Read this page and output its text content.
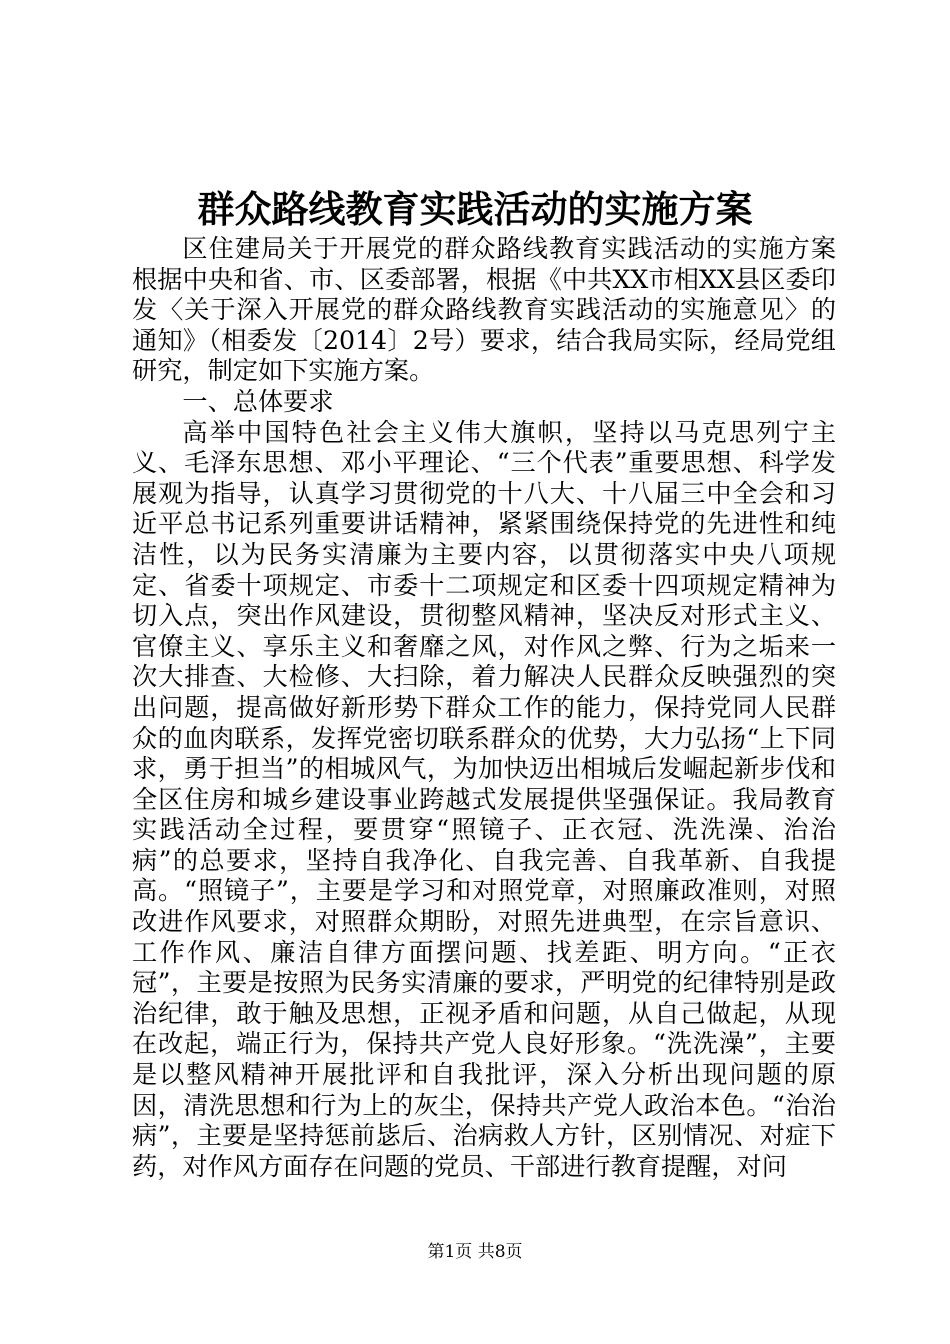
群众路线教育实践活动的实施方案

区住建局关于开展党的群众路线教育实践活动的实施方案根据中央和省、市、区委部署，根据《中共XX市相XX县区委印发〈关于深入开展党的群众路线教育实践活动的实施意见〉的通知》（相委发〔2014〕2号）要求，结合我局实际，经局党组研究，制定如下实施方案。

一、总体要求

高举中国特色社会主义伟大旗帜，坚持以马克思列宁主义、毛泽东思想、邓小平理论、“三个代表”重要思想、科学发展观为指导，认真学习贯彻党的十八大、十八届三中全会和习近平总书记系列重要讲话精神，紧紧围绕保持党的先进性和纯洁性，以为民务实清廉为主要内容，以贯彻落实中央八项规定、省委十项规定、市委十二项规定和区委十四项规定精神为切入点，突出作风建设，贯彻整风精神，坚决反对形式主义、官僚主义、享乐主义和奢靡之风，对作风之弊、行为之垢来一次大排查、大检修、大扫除，着力解决人民群众反映强烈的突出问题，提高做好新形势下群众工作的能力，保持党同人民群众的血肉联系，发挥党密切联系群众的优势，大力弘扬“上下同求，勇于担当”的相城风气，为加快迈出相城后发崛起新步伐和全区住房和城乡建设事业跨越式发展提供坚强保证。我局教育实践活动全过程，要贯穿“照镜子、正衣冠、洗洗澡、治治病”的总要求，坚持自我净化、自我完善、自我革新、自我提高。“照镜子”，主要是学习和对照党章，对照廉政准则，对照改进作风要求，对照群众期盼，对照先进典型，在宗旨意识、工作作风、廉洁自律方面摆问题、找差距、明方向。“正衣冠”，主要是按照为民务实清廉的要求，严明党的纪律特别是政治纪律，敢于触及思想，正视矛盾和问题，从自己做起，从现在改起，端正行为，保持共产党人良好形象。“洗洗澡”，主要是以整风精神开展批评和自我批评，深入分析出现问题的原因，清洗思想和行为上的灰尘，保持共产党人政治本色。“治治病”，主要是坚持惩前毖后、治病救人方针，区别情况、对症下药，对作风方面存在问题的党员、干部进行教育提醒，对问

第1页 共8页
